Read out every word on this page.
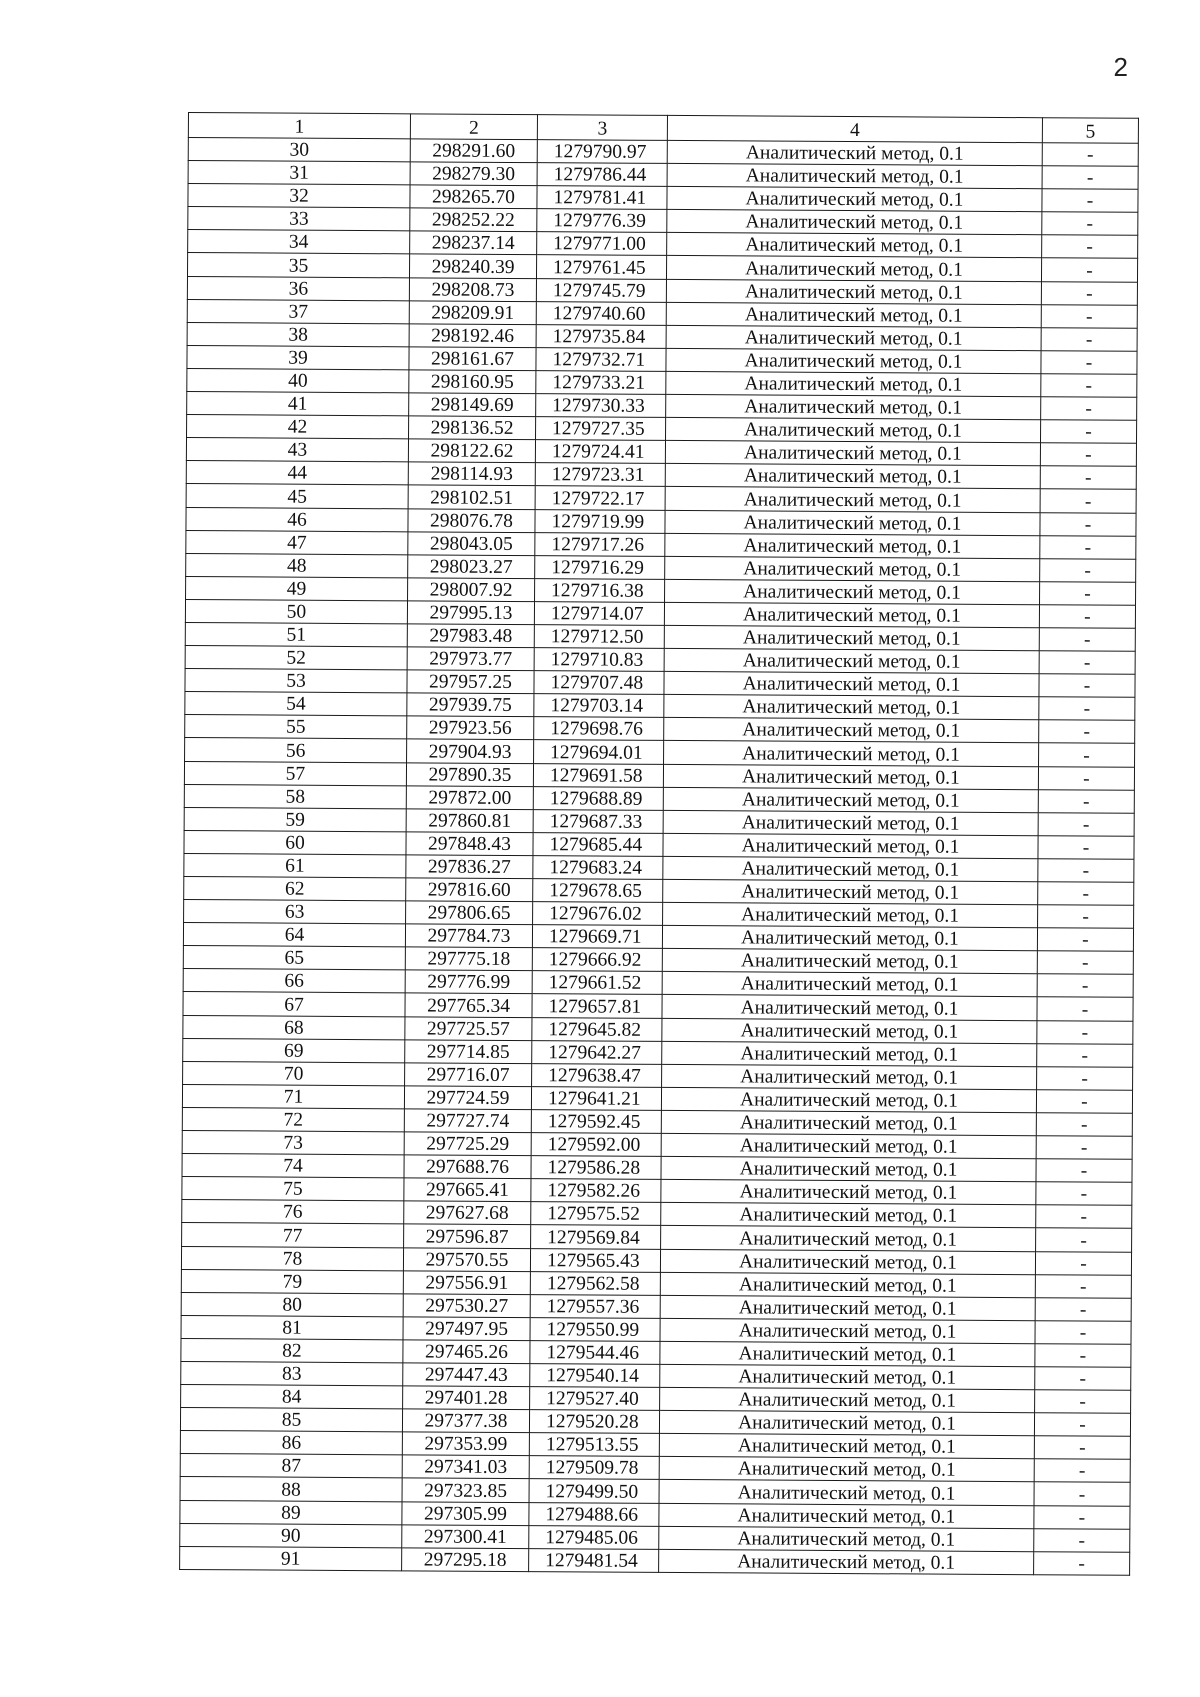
2
1	2	3	4	5
30	298291.60	1279790.97	Аналитический метод, 0.1	-
31	298279.30	1279786.44	Аналитический метод, 0.1	-
32	298265.70	1279781.41	Аналитический метод, 0.1	-
33	298252.22	1279776.39	Аналитический метод, 0.1	-
34	298237.14	1279771.00	Аналитический метод, 0.1	-
35	298240.39	1279761.45	Аналитический метод, 0.1	-
36	298208.73	1279745.79	Аналитический метод, 0.1	-
37	298209.91	1279740.60	Аналитический метод, 0.1	-
38	298192.46	1279735.84	Аналитический метод, 0.1	-
39	298161.67	1279732.71	Аналитический метод, 0.1	-
40	298160.95	1279733.21	Аналитический метод, 0.1	-
41	298149.69	1279730.33	Аналитический метод, 0.1	-
42	298136.52	1279727.35	Аналитический метод, 0.1	-
43	298122.62	1279724.41	Аналитический метод, 0.1	-
44	298114.93	1279723.31	Аналитический метод, 0.1	-
45	298102.51	1279722.17	Аналитический метод, 0.1	-
46	298076.78	1279719.99	Аналитический метод, 0.1	-
47	298043.05	1279717.26	Аналитический метод, 0.1	-
48	298023.27	1279716.29	Аналитический метод, 0.1	-
49	298007.92	1279716.38	Аналитический метод, 0.1	-
50	297995.13	1279714.07	Аналитический метод, 0.1	-
51	297983.48	1279712.50	Аналитический метод, 0.1	-
52	297973.77	1279710.83	Аналитический метод, 0.1	-
53	297957.25	1279707.48	Аналитический метод, 0.1	-
54	297939.75	1279703.14	Аналитический метод, 0.1	-
55	297923.56	1279698.76	Аналитический метод, 0.1	-
56	297904.93	1279694.01	Аналитический метод, 0.1	-
57	297890.35	1279691.58	Аналитический метод, 0.1	-
58	297872.00	1279688.89	Аналитический метод, 0.1	-
59	297860.81	1279687.33	Аналитический метод, 0.1	-
60	297848.43	1279685.44	Аналитический метод, 0.1	-
61	297836.27	1279683.24	Аналитический метод, 0.1	-
62	297816.60	1279678.65	Аналитический метод, 0.1	-
63	297806.65	1279676.02	Аналитический метод, 0.1	-
64	297784.73	1279669.71	Аналитический метод, 0.1	-
65	297775.18	1279666.92	Аналитический метод, 0.1	-
66	297776.99	1279661.52	Аналитический метод, 0.1	-
67	297765.34	1279657.81	Аналитический метод, 0.1	-
68	297725.57	1279645.82	Аналитический метод, 0.1	-
69	297714.85	1279642.27	Аналитический метод, 0.1	-
70	297716.07	1279638.47	Аналитический метод, 0.1	-
71	297724.59	1279641.21	Аналитический метод, 0.1	-
72	297727.74	1279592.45	Аналитический метод, 0.1	-
73	297725.29	1279592.00	Аналитический метод, 0.1	-
74	297688.76	1279586.28	Аналитический метод, 0.1	-
75	297665.41	1279582.26	Аналитический метод, 0.1	-
76	297627.68	1279575.52	Аналитический метод, 0.1	-
77	297596.87	1279569.84	Аналитический метод, 0.1	-
78	297570.55	1279565.43	Аналитический метод, 0.1	-
79	297556.91	1279562.58	Аналитический метод, 0.1	-
80	297530.27	1279557.36	Аналитический метод, 0.1	-
81	297497.95	1279550.99	Аналитический метод, 0.1	-
82	297465.26	1279544.46	Аналитический метод, 0.1	-
83	297447.43	1279540.14	Аналитический метод, 0.1	-
84	297401.28	1279527.40	Аналитический метод, 0.1	-
85	297377.38	1279520.28	Аналитический метод, 0.1	-
86	297353.99	1279513.55	Аналитический метод, 0.1	-
87	297341.03	1279509.78	Аналитический метод, 0.1	-
88	297323.85	1279499.50	Аналитический метод, 0.1	-
89	297305.99	1279488.66	Аналитический метод, 0.1	-
90	297300.41	1279485.06	Аналитический метод, 0.1	-
91	297295.18	1279481.54	Аналитический метод, 0.1	-
